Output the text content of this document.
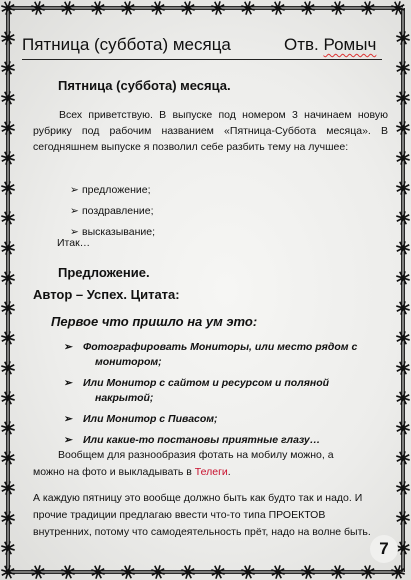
Пятница (суббота) месяца	Отв. Ромыч
Пятница (суббота) месяца.
Всех приветствую. В выпуске под номером 3 начинаем новую рубрику под рабочим названием «Пятница-Суббота месяца». В сегодняшнем выпуске я позволил себе разбить тему на лучшее:
➢ предложение;
➢ поздравление;
➢ высказывание;
Итак…
Предложение.
Автор – Успех. Цитата:
Первое что пришло на ум это:
➢ Фотографировать Мониторы, или место рядом с
монитором;
➢ Или Монитор с сайтом и ресурсом и поляной
накрытой;
➢ Или Монитор с Пивасом;
➢ Или какие-то постановы приятные глазу…
Вообщем для разнообразия фотать на мобилу можно, а
можно на фото и выкладывать в Телеги.
А каждую пятницу это вообще должно быть как будто так и надо. И прочие традиции предлагаю ввести что-то типа ПРОЕКТОВ внутренних, потому что самодеятельность прёт, надо на волне быть.
7
